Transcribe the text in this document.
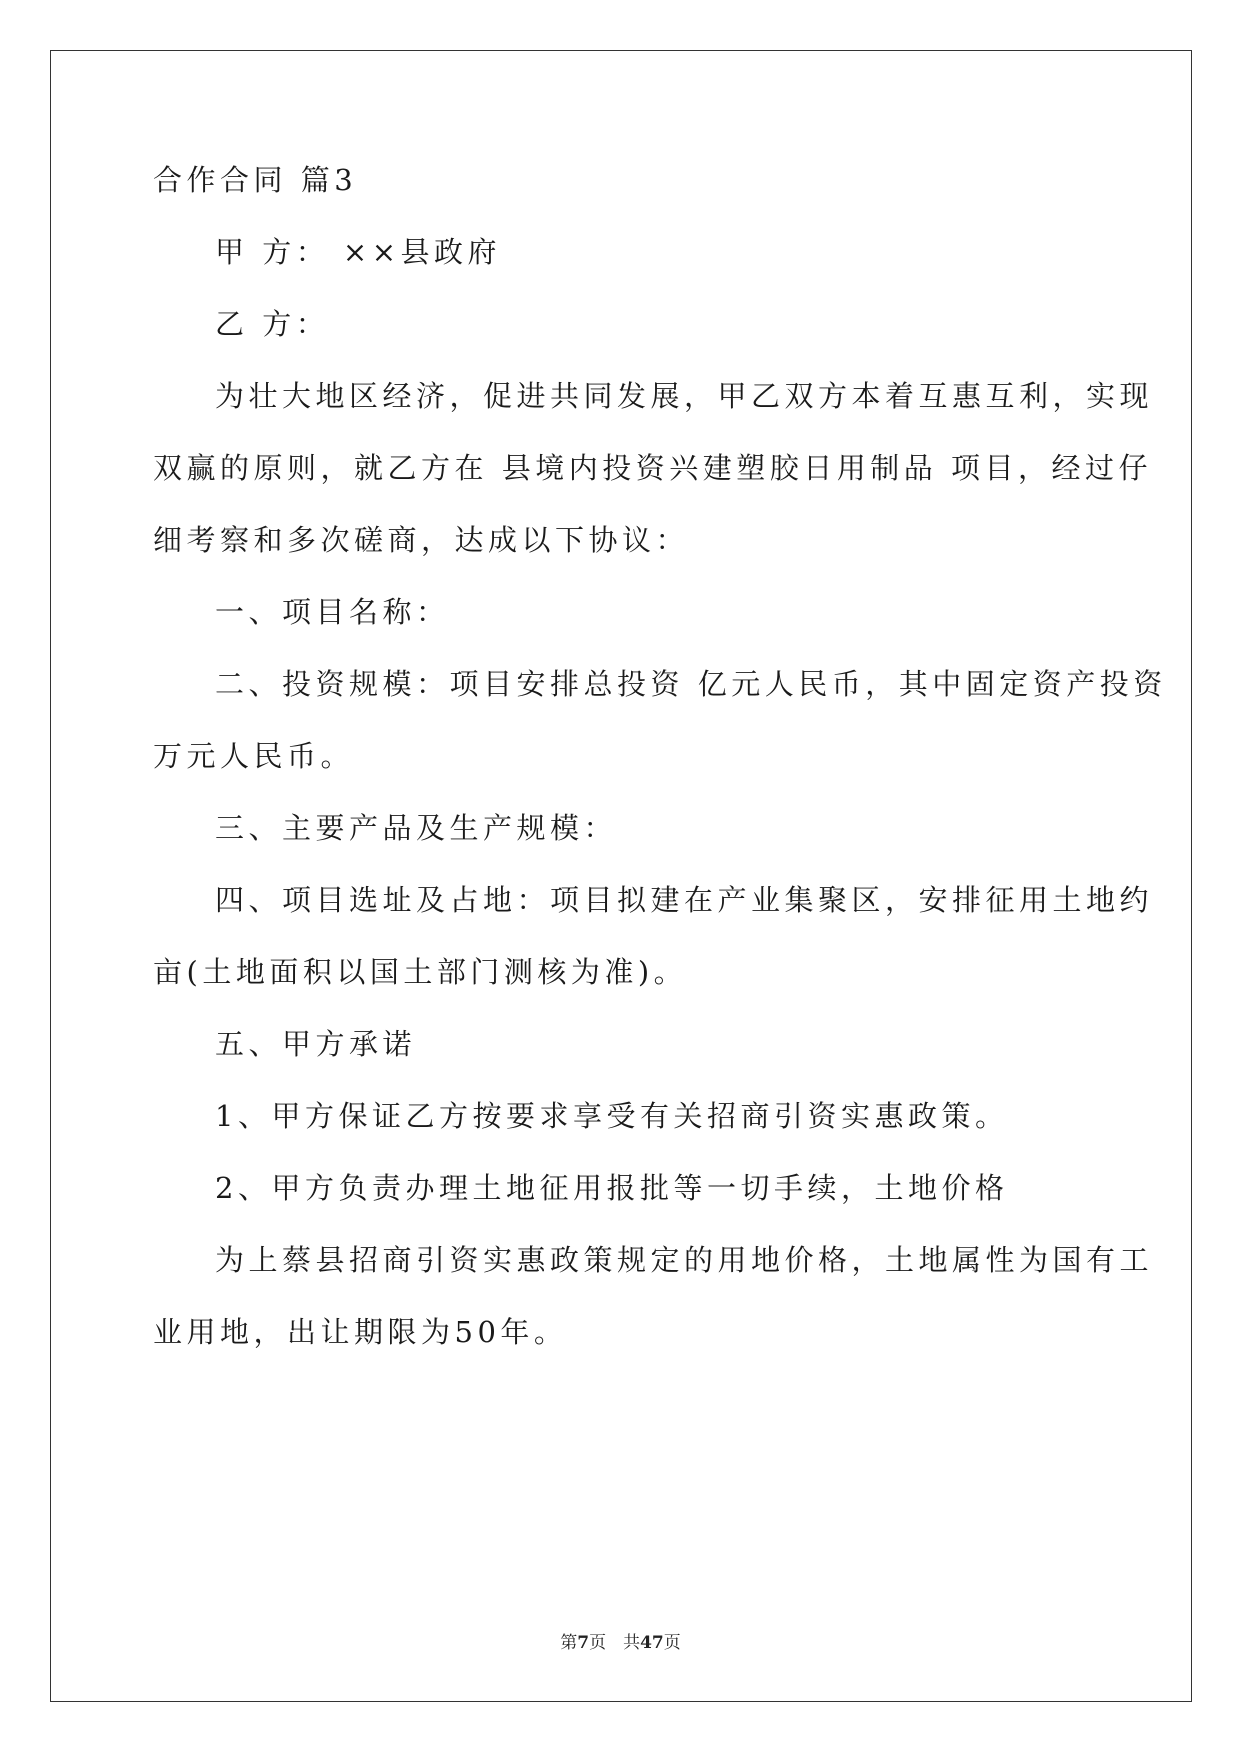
合作合同 篇3
甲 方： ××县政府
乙 方：
为壮大地区经济，促进共同发展，甲乙双方本着互惠互利，实现
双赢的原则，就乙方在 县境内投资兴建塑胶日用制品 项目，经过仔
细考察和多次磋商，达成以下协议：
一、项目名称：
二、投资规模：项目安排总投资 亿元人民币，其中固定资产投资
万元人民币。
三、主要产品及生产规模：
四、项目选址及占地：项目拟建在产业集聚区，安排征用土地约
亩(土地面积以国土部门测核为准)。
五、甲方承诺
1、甲方保证乙方按要求享受有关招商引资实惠政策。
2、甲方负责办理土地征用报批等一切手续，土地价格
为上蔡县招商引资实惠政策规定的用地价格，土地属性为国有工
业用地，出让期限为50年。
第7页　共47页
